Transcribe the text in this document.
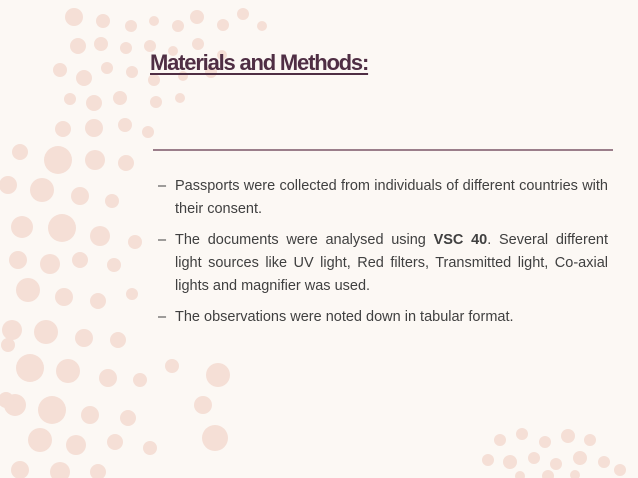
Materials and Methods:
– Passports were collected from individuals of different countries with their consent.
– The documents were analysed using VSC 40. Several different light sources like UV light, Red filters, Transmitted light, Co-axial lights and magnifier was used.
– The observations were noted down in tabular format.
